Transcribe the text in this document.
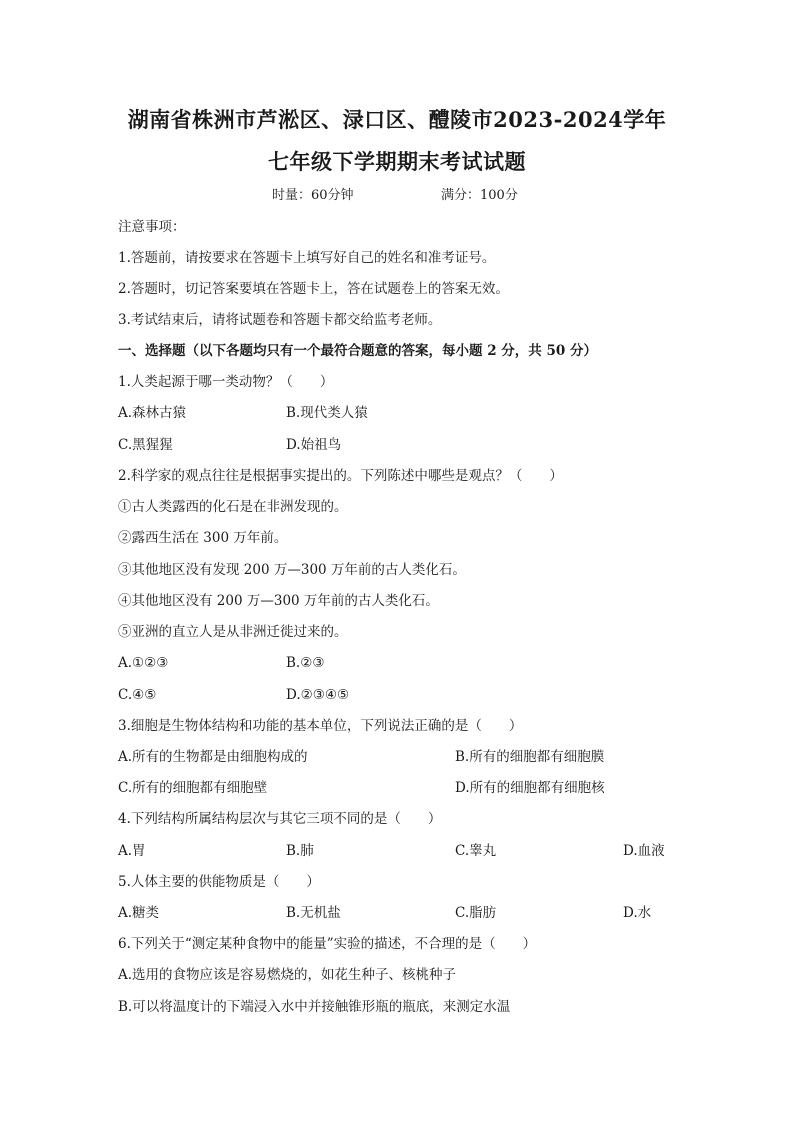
湖南省株洲市芦淞区、渌口区、醴陵市2023-2024学年
七年级下学期期末考试试题
时量：60分钟	满分：100分
注意事项：
1.答题前，请按要求在答题卡上填写好自己的姓名和准考证号。
2.答题时，切记答案要填在答题卡上，答在试题卷上的答案无效。
3.考试结束后，请将试题卷和答题卡都交给监考老师。
一、选择题（以下各题均只有一个最符合题意的答案，每小题 2 分，共 50 分）
1.人类起源于哪一类动物？（　　）
A.森林古猿	B.现代类人猿
C.黑猩猩	D.始祖鸟
2.科学家的观点往往是根据事实提出的。下列陈述中哪些是观点？（　　）
①古人类露西的化石是在非洲发现的。
②露西生活在 300 万年前。
③其他地区没有发现 200 万—300 万年前的古人类化石。
④其他地区没有 200 万—300 万年前的古人类化石。
⑤亚洲的直立人是从非洲迁徙过来的。
A.①②③	B.②③
C.④⑤	D.②③④⑤
3.细胞是生物体结构和功能的基本单位，下列说法正确的是（　　）
A.所有的生物都是由细胞构成的	B.所有的细胞都有细胞膜
C.所有的细胞都有细胞壁	D.所有的细胞都有细胞核
4.下列结构所属结构层次与其它三项不同的是（　　）
A.胃	B.肺	C.睾丸	D.血液
5.人体主要的供能物质是（　　）
A.糖类	B.无机盐	C.脂肪	D.水
6.下列关于“测定某种食物中的能量”实验的描述，不合理的是（　　）
A.选用的食物应该是容易燃烧的，如花生种子、核桃种子
B.可以将温度计的下端浸入水中并接触锥形瓶的瓶底，来测定水温
